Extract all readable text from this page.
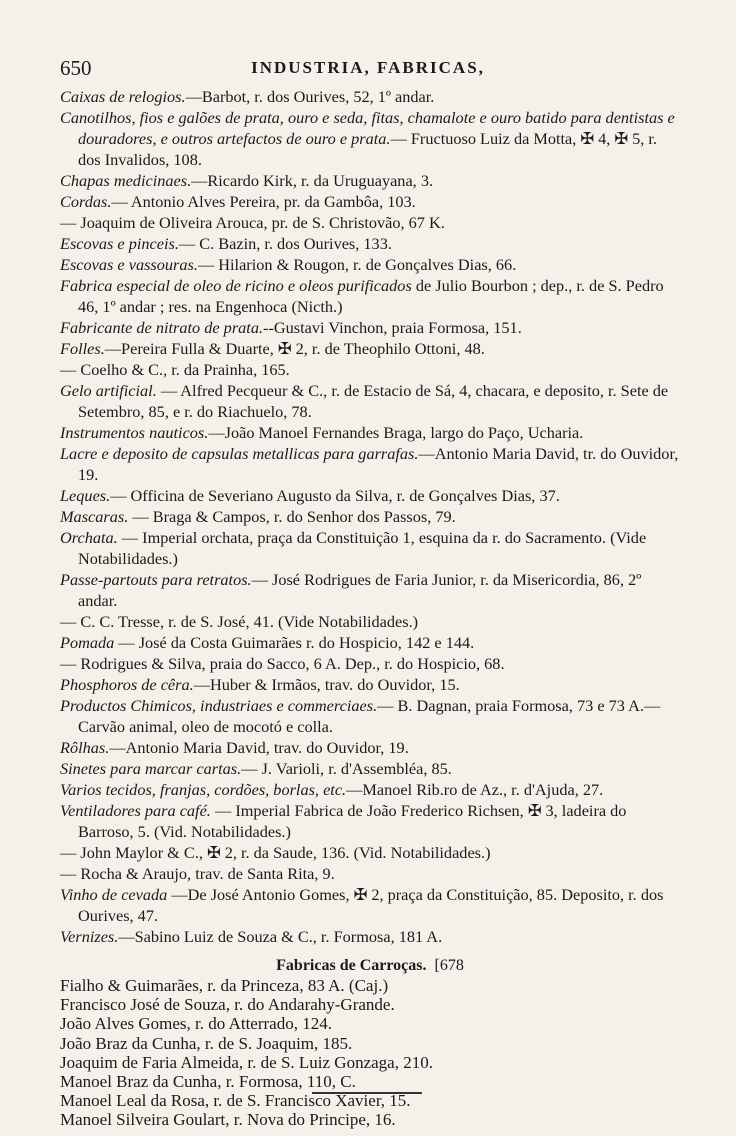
650	INDUSTRIA, FABRICAS,

Caixas de relogios.—Barbot, r. dos Ourives, 52, 1º andar.

Canotilhos, fios e galões de prata, ouro e seda, fitas, chamalote e ouro batido para dentistas e douradores, e outros artefactos de ouro e prata.— Fructuoso Luiz da Motta, ✠ 4, ✠ 5, r. dos Invalidos, 108.

Chapas medicinaes.—Ricardo Kirk, r. da Uruguayana, 3.

Cordas.— Antonio Alves Pereira, pr. da Gambôa, 103.

— Joaquim de Oliveira Arouca, pr. de S. Christovão, 67 K.

Escovas e pinceis.— C. Bazin, r. dos Ourives, 133.

Escovas e vassouras.— Hilarion & Rougon, r. de Gonçalves Dias, 66.

Fabrica especial de oleo de ricino e oleos purificados de Julio Bourbon ; dep., r. de S. Pedro 46, 1º andar ; res. na Engenhoca (Nicth.)

Fabricante de nitrato de prata.--Gustavi Vinchon, praia Formosa, 151.

Folles.—Pereira Fulla & Duarte, ✠ 2, r. de Theophilo Ottoni, 48.

— Coelho & C., r. da Prainha, 165.

Gelo artificial. — Alfred Pecqueur & C., r. de Estacio de Sá, 4, chacara, e deposito, r. Sete de Setembro, 85, e r. do Riachuelo, 78.

Instrumentos nauticos.—João Manoel Fernandes Braga, largo do Paço, Ucharia.

Lacre e deposito de capsulas metallicas para garrafas.—Antonio Maria David, tr. do Ouvidor, 19.

Leques.— Officina de Severiano Augusto da Silva, r. de Gonçalves Dias, 37.

Mascaras. — Braga & Campos, r. do Senhor dos Passos, 79.

Orchata. — Imperial orchata, praça da Constituição 1, esquina da r. do Sacramento. (Vide Notabilidades.)

Passe-partouts para retratos.— José Rodrigues de Faria Junior, r. da Misericordia, 86, 2º andar.

— C. C. Tresse, r. de S. José, 41. (Vide Notabilidades.)

Pomada — José da Costa Guimarães r. do Hospicio, 142 e 144.

— Rodrigues & Silva, praia do Sacco, 6 A. Dep., r. do Hospicio, 68.

Phosphoros de cêra.—Huber & Irmãos, trav. do Ouvidor, 15.

Productos Chimicos, industriaes e commerciaes.— B. Dagnan, praia Formosa, 73 e 73 A.— Carvão animal, oleo de mocotó e colla.

Rôlhas.—Antonio Maria David, trav. do Ouvidor, 19.

Sinetes para marcar cartas.— J. Varioli, r. d'Assembléa, 85.

Varios tecidos, franjas, cordões, borlas, etc.—Manoel Rib.ro de Az., r. d'Ajuda, 27.

Ventiladores para café. — Imperial Fabrica de João Frederico Richsen, ✠ 3, ladeira do Barroso, 5. (Vid. Notabilidades.)

— John Maylor & C., ✠ 2, r. da Saude, 136. (Vid. Notabilidades.)

— Rocha & Araujo, trav. de Santa Rita, 9.

Vinho de cevada —De José Antonio Gomes, ✠ 2, praça da Constituição, 85. Deposito, r. dos Ourives, 47.

Vernizes.—Sabino Luiz de Souza & C., r. Formosa, 181 A.

Fabricas de Carroças. [678

Fialho & Guimarães, r. da Princeza, 83 A. (Caj.)

Francisco José de Souza, r. do Andarahy-Grande.

João Alves Gomes, r. do Atterrado, 124.

João Braz da Cunha, r. de S. Joaquim, 185.

Joaquim de Faria Almeida, r. de S. Luiz Gonzaga, 210.

Manoel Braz da Cunha, r. Formosa, 110, C.

Manoel Leal da Rosa, r. de S. Francisco Xavier, 15.

Manoel Silveira Goulart, r. Nova do Principe, 16.
